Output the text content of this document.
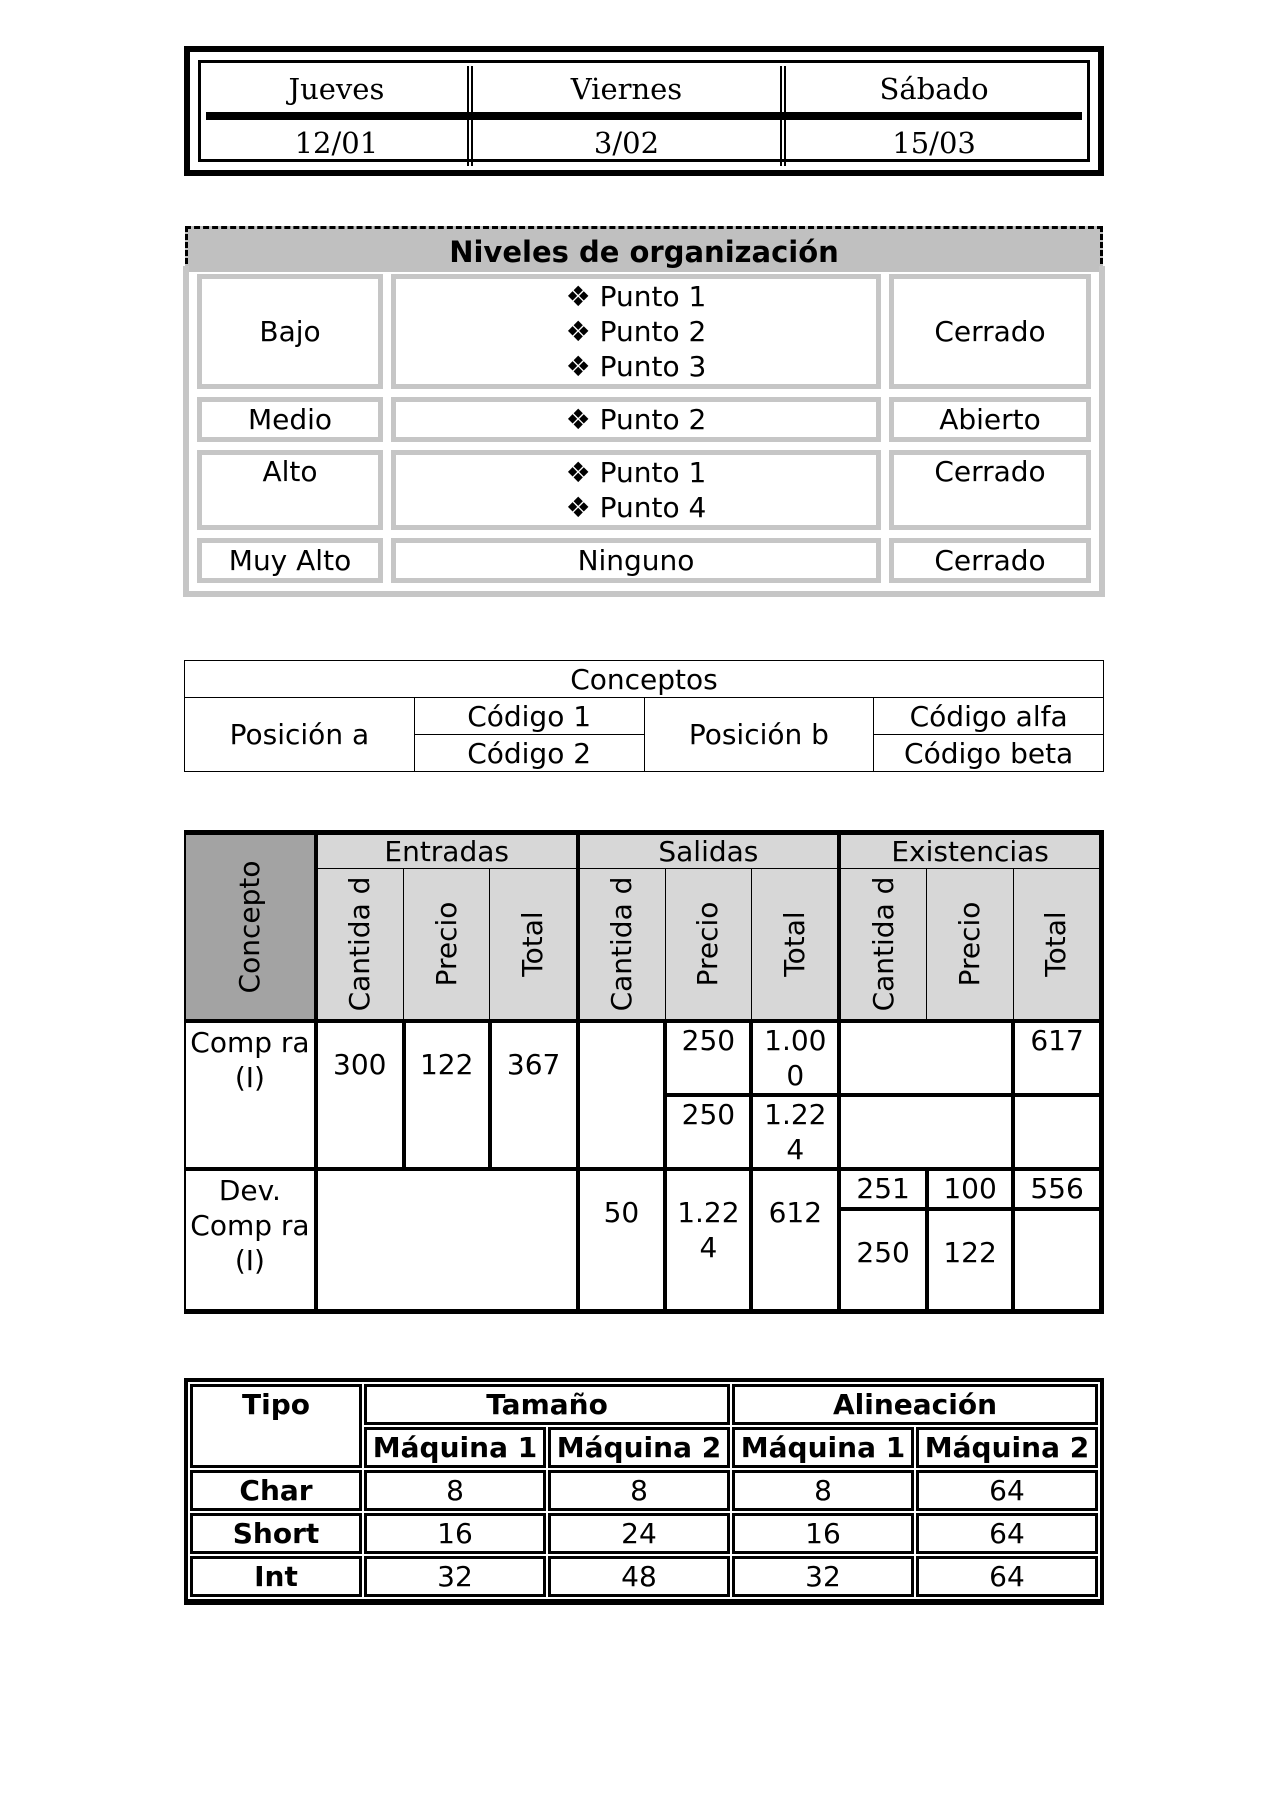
Jueves	Viernes	Sábado
12/01	3/02	15/03
Niveles de organización
Bajo	❖ Punto 1
❖ Punto 2
❖ Punto 3	Cerrado
Medio	❖ Punto 2	Abierto
Alto	❖ Punto 1
❖ Punto 4	Cerrado
Muy Alto	Ninguno	Cerrado
Conceptos			
Posición a	Código 1	Posición b	Código alfa
	Código 2		Código beta
Concepto	Entradas			Salidas			Existencias		

	Cantida d	Precio	Total	Cantida d	Precio	Total	Cantida d	Precio	Total

Comp ra (I)	300	122	367		250	1.00 0			617
					250	1.22 4			
Dev. Comp ra (I)				50	1.22 4	612	251	100	556
							250	122	
Tipo	Tamaño		Alineación	
	Máquina 1	Máquina 2	Máquina 1	Máquina 2
Char	8	8	8	64
Short	16	24	16	64
Int	32	48	32	64
